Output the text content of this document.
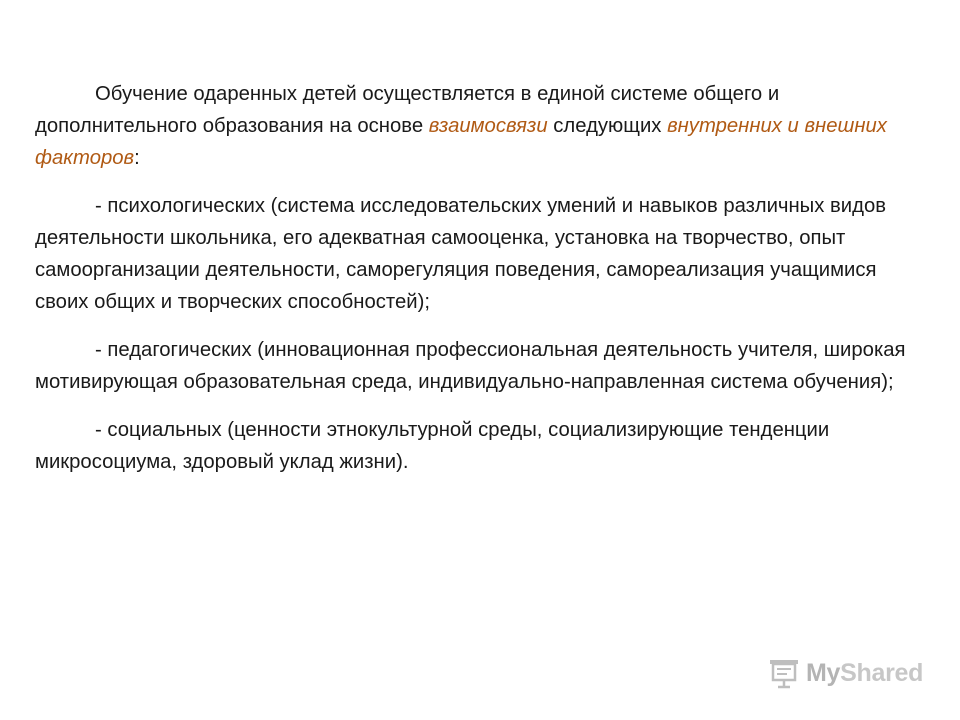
Обучение одаренных детей осуществляется в единой системе общего и дополнительного образования на основе взаимосвязи следующих внутренних и внешних факторов:

- психологических (система исследовательских умений и навыков различных видов деятельности школьника, его адекватная самооценка, установка на творчество, опыт самоорганизации деятельности, саморегуляция поведения, самореализация учащимися своих общих и творческих способностей);

- педагогических (инновационная профессиональная деятельность учителя, широкая мотивирующая образовательная среда, индивидуально-направленная система обучения);

- социальных (ценности этнокультурной среды, социализирующие тенденции микросоциума, здоровый уклад жизни).

MyShared
